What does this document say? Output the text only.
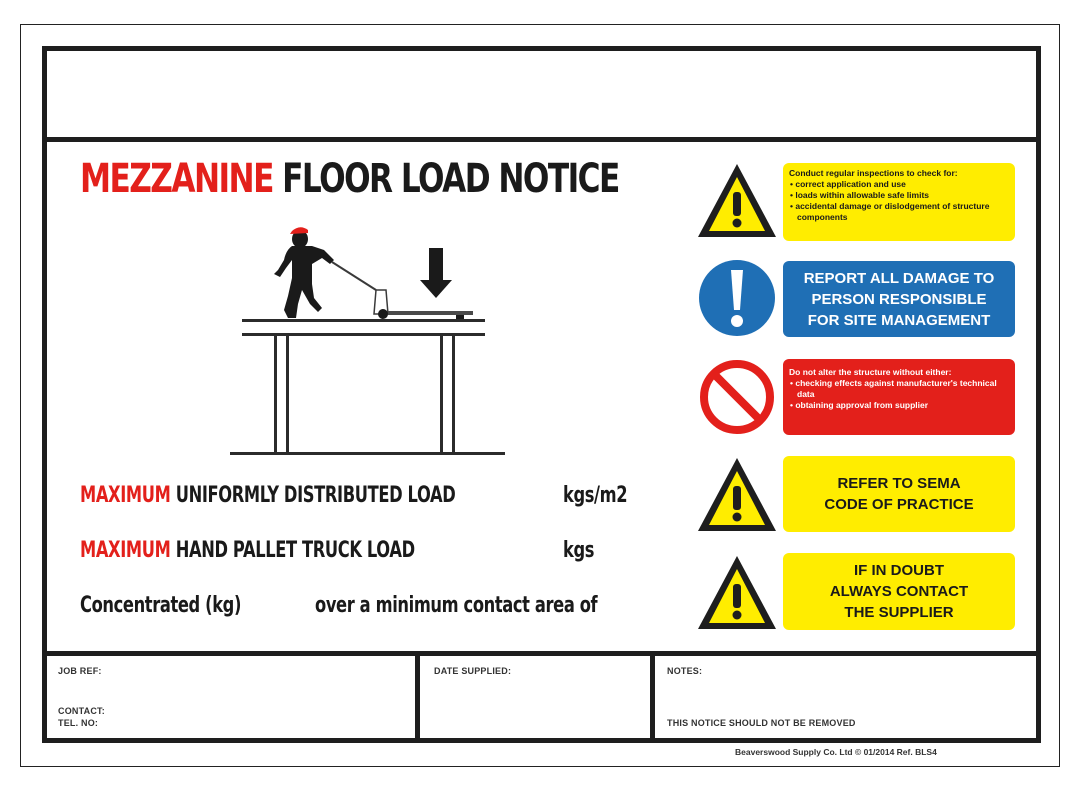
MEZZANINE FLOOR LOAD NOTICE
MAXIMUM UNIFORMLY DISTRIBUTED LOAD	kgs/m2
MAXIMUM HAND PALLET TRUCK LOAD	kgs
Concentrated (kg)	over a minimum contact area of
Conduct regular inspections to check for:
• correct application and use
• loads within allowable safe limits
• accidental damage or dislodgement of structure components
REPORT ALL DAMAGE TO
PERSON RESPONSIBLE
FOR SITE MANAGEMENT
Do not alter the structure without either:
• checking effects against manufacturer's technical data
• obtaining approval from supplier
REFER TO SEMA
CODE OF PRACTICE
IF IN DOUBT
ALWAYS CONTACT
THE SUPPLIER
JOB REF:
CONTACT:
TEL. NO:
DATE SUPPLIED:	NOTES:
THIS NOTICE SHOULD NOT BE REMOVED
Beaverswood Supply Co. Ltd © 01/2014 Ref. BLS4
